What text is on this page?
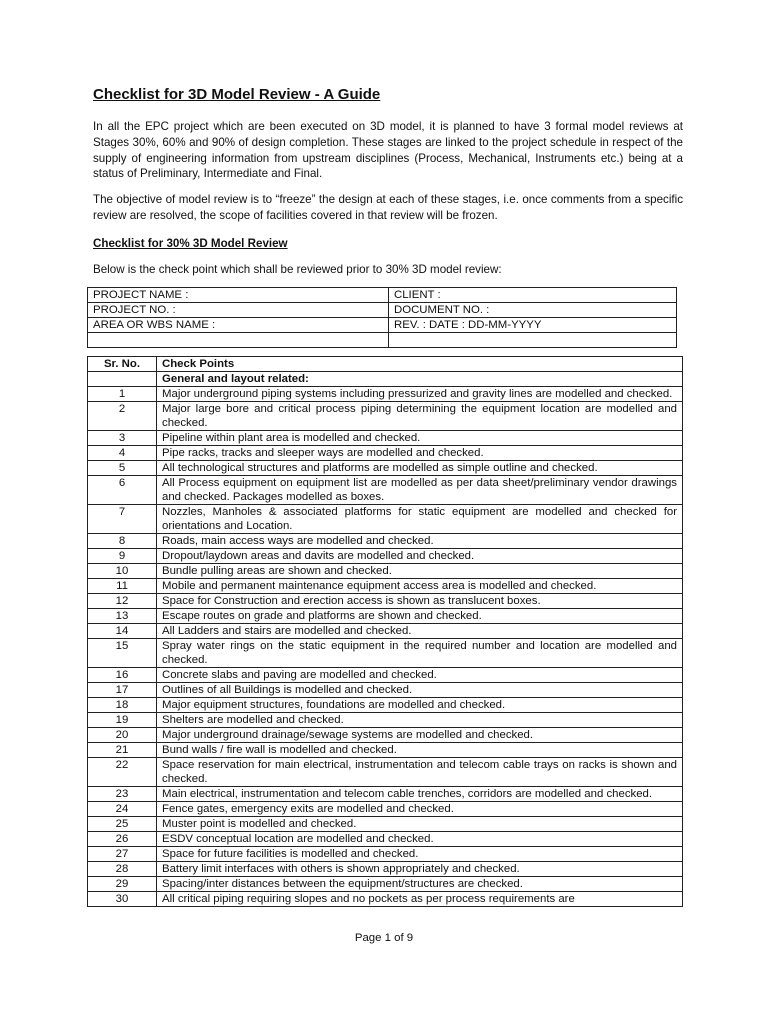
Checklist for 3D Model Review - A Guide

In all the EPC project which are been executed on 3D model, it is planned to have 3 formal model reviews at Stages 30%, 60% and 90% of design completion. These stages are linked to the project schedule in respect of the supply of engineering information from upstream disciplines (Process, Mechanical, Instruments etc.) being at a status of Preliminary, Intermediate and Final.

The objective of model review is to “freeze” the design at each of these stages, i.e. once comments from a specific review are resolved, the scope of facilities covered in that review will be frozen.

Checklist for 30% 3D Model Review
Below is the check point which shall be reviewed prior to 30% 3D model review:
PROJECT NAME :	CLIENT :
PROJECT NO. :	DOCUMENT NO. :
AREA OR WBS NAME :	REV. : DATE : DD-MM-YYYY

Sr. No.	Check Points
	General and layout related:
1	Major underground piping systems including pressurized and gravity lines are modelled and checked.
2	Major large bore and critical process piping determining the equipment location are modelled and checked.
3	Pipeline within plant area is modelled and checked.
4	Pipe racks, tracks and sleeper ways are modelled and checked.
5	All technological structures and platforms are modelled as simple outline and checked.
6	All Process equipment on equipment list are modelled as per data sheet/preliminary vendor drawings and checked. Packages modelled as boxes.
7	Nozzles, Manholes & associated platforms for static equipment are modelled and checked for orientations and Location.
8	Roads, main access ways are modelled and checked.
9	Dropout/laydown areas and davits are modelled and checked.
10	Bundle pulling areas are shown and checked.
11	Mobile and permanent maintenance equipment access area is modelled and checked.
12	Space for Construction and erection access is shown as translucent boxes.
13	Escape routes on grade and platforms are shown and checked.
14	All Ladders and stairs are modelled and checked.
15	Spray water rings on the static equipment in the required number and location are modelled and checked.
16	Concrete slabs and paving are modelled and checked.
17	Outlines of all Buildings is modelled and checked.
18	Major equipment structures, foundations are modelled and checked.
19	Shelters are modelled and checked.
20	Major underground drainage/sewage systems are modelled and checked.
21	Bund walls / fire wall is modelled and checked.
22	Space reservation for main electrical, instrumentation and telecom cable trays on racks is shown and checked.
23	Main electrical, instrumentation and telecom cable trenches, corridors are modelled and checked.
24	Fence gates, emergency exits are modelled and checked.
25	Muster point is modelled and checked.
26	ESDV conceptual location are modelled and checked.
27	Space for future facilities is modelled and checked.
28	Battery limit interfaces with others is shown appropriately and checked.
29	Spacing/inter distances between the equipment/structures are checked.
30	All critical piping requiring slopes and no pockets as per process requirements are
Page 1 of 9
